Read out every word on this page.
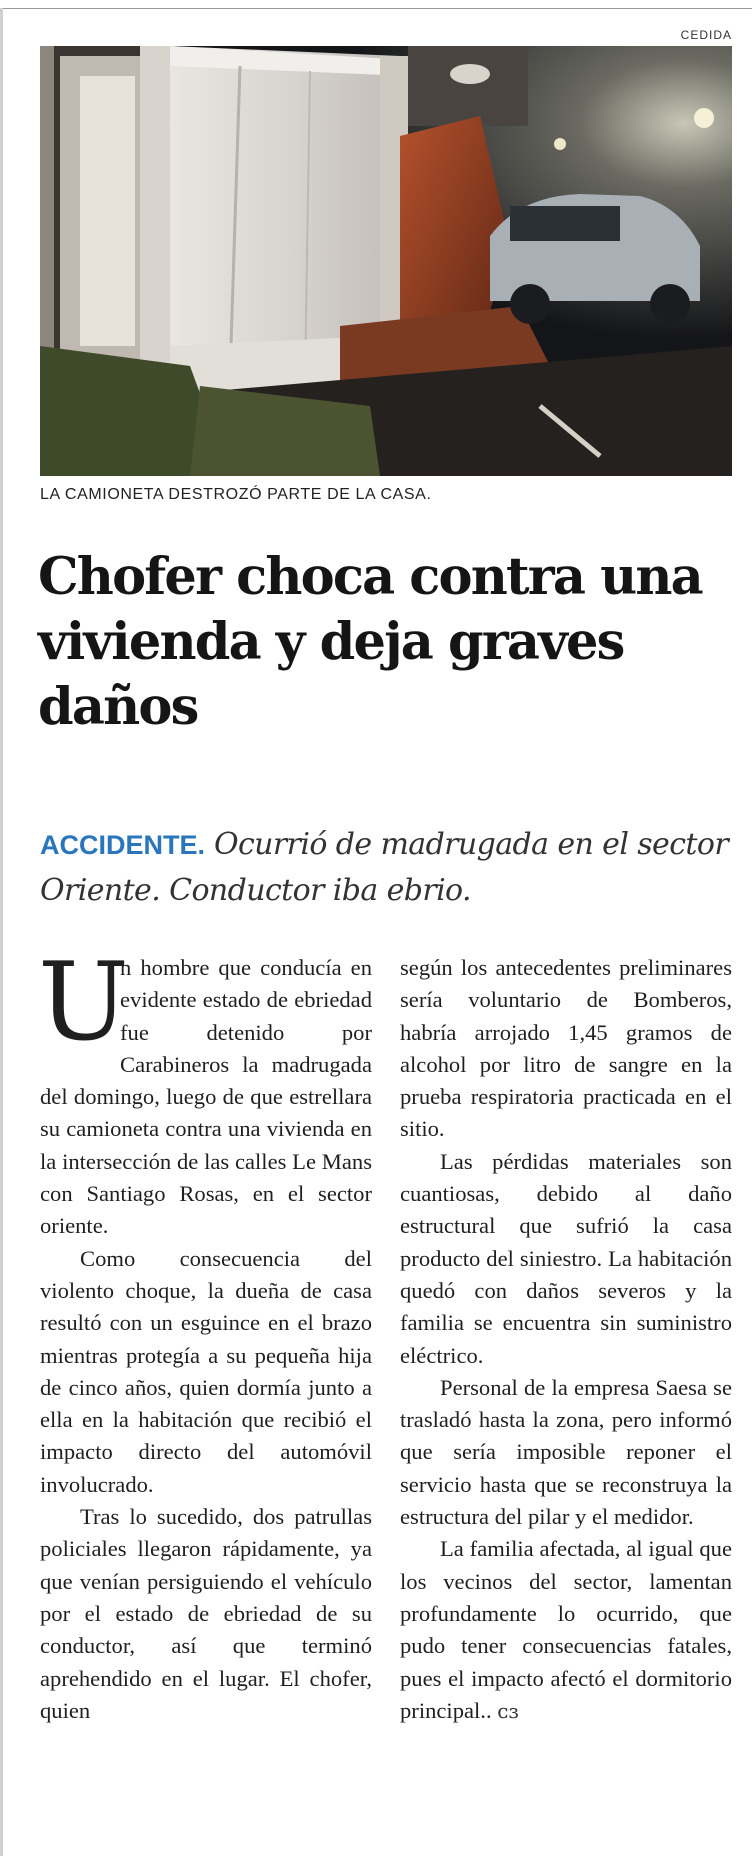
CEDIDA
LA CAMIONETA DESTROZÓ PARTE DE LA CASA.
Chofer choca contra una vivienda y deja graves daños
ACCIDENTE. Ocurrió de madrugada en el sector Oriente. Conductor iba ebrio.

U
n hombre que conducía en evidente estado de ebriedad fue detenido por Carabineros la madrugada del domingo, luego de que estrellara su camioneta contra una vivienda en la intersección de las calles Le Mans con Santiago Rosas, en el sector oriente.

Como consecuencia del violento choque, la dueña de casa resultó con un esguince en el brazo mientras protegía a su pequeña hija de cinco años, quien dormía junto a ella en la habitación que recibió el impacto directo del automóvil involucrado.

Tras lo sucedido, dos patrullas policiales llegaron rápidamente, ya que venían persiguiendo el vehículo por el estado de ebriedad de su conductor, así que terminó aprehendido en el lugar. El chofer, quien

según los antecedentes preliminares sería voluntario de Bomberos, habría arrojado 1,45 gramos de alcohol por litro de sangre en la prueba respiratoria practicada en el sitio.

Las pérdidas materiales son cuantiosas, debido al daño estructural que sufrió la casa producto del siniestro. La habitación quedó con daños severos y la familia se encuentra sin suministro eléctrico.

Personal de la empresa Saesa se trasladó hasta la zona, pero informó que sería imposible reponer el servicio hasta que se reconstruya la estructura del pilar y el medidor.

La familia afectada, al igual que los vecinos del sector, lamentan profundamente lo ocurrido, que pudo tener consecuencias fatales, pues el impacto afectó el dormitorio principal.. ᴄɜ
